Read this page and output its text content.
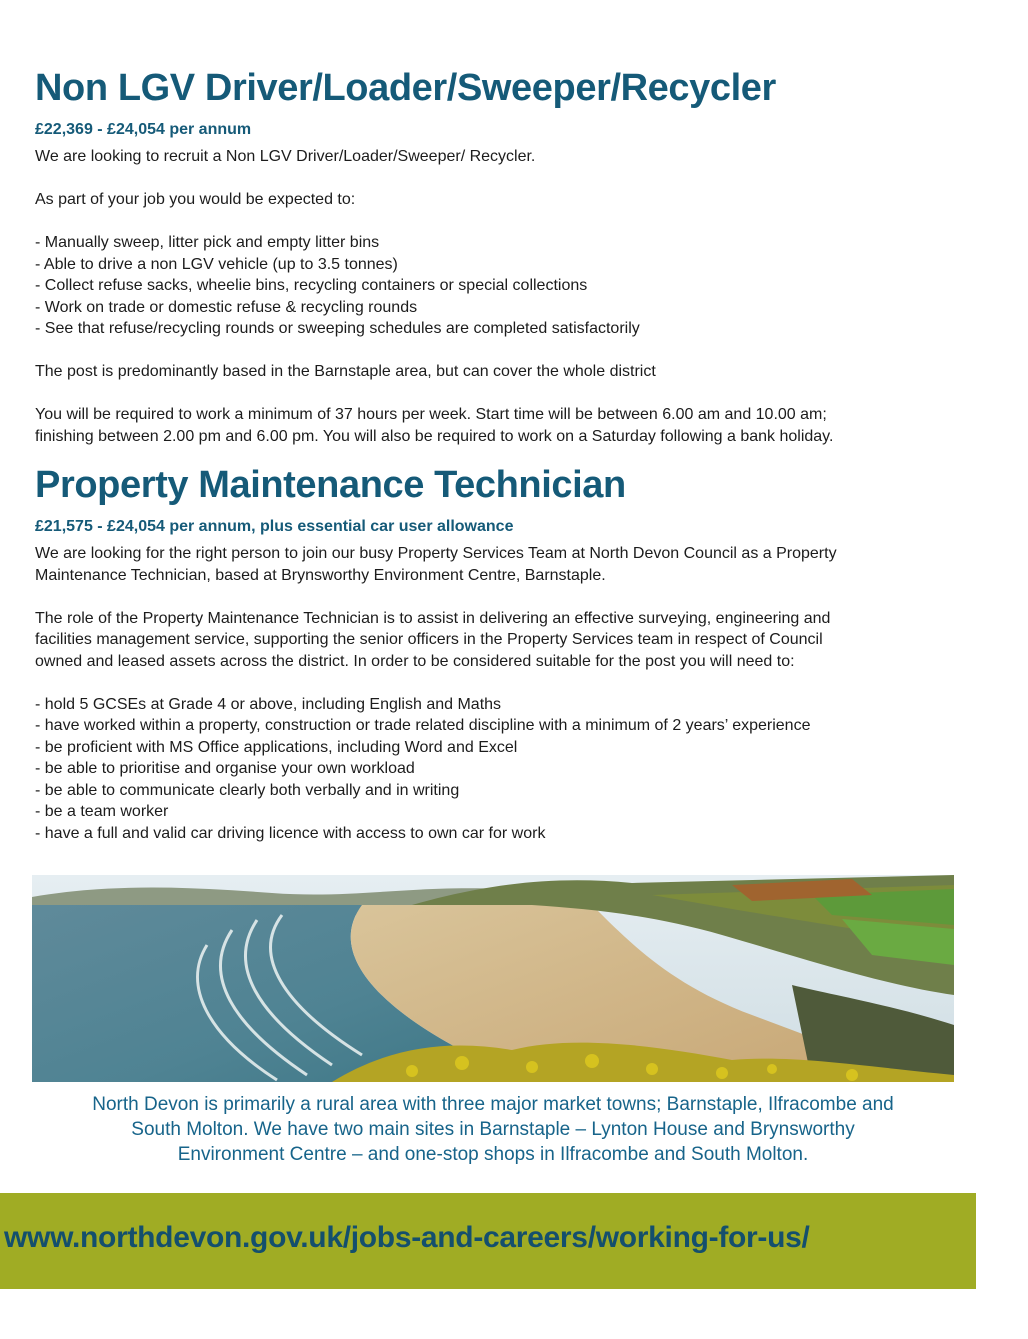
Non LGV Driver/Loader/Sweeper/Recycler
£22,369 - £24,054 per annum

We are looking to recruit a Non LGV Driver/Loader/Sweeper/ Recycler.

As part of your job you would be expected to:

- Manually sweep, litter pick and empty litter bins
- Able to drive a non LGV vehicle (up to 3.5 tonnes)
- Collect refuse sacks, wheelie bins, recycling containers or special collections
- Work on trade or domestic refuse & recycling rounds
- See that refuse/recycling rounds or sweeping schedules are completed satisfactorily

The post is predominantly based in the Barnstaple area, but can cover the whole district

You will be required to work a minimum of 37 hours per week. Start time will be between 6.00 am and 10.00 am;

finishing between 2.00 pm and 6.00 pm. You will also be required to work on a Saturday following a bank holiday.

Property Maintenance Technician
£21,575 - £24,054 per annum, plus essential car user allowance

We are looking for the right person to join our busy Property Services Team at North Devon Council as a Property

Maintenance Technician, based at Brynsworthy Environment Centre, Barnstaple.

The role of the Property Maintenance Technician is to assist in delivering an effective surveying, engineering and

facilities management service, supporting the senior officers in the Property Services team in respect of Council

owned and leased assets across the district. In order to be considered suitable for the post you will need to:

- hold 5 GCSEs at Grade 4 or above, including English and Maths
- have worked within a property, construction or trade related discipline with a minimum of 2 years’ experience
- be proficient with MS Office applications, including Word and Excel
- be able to prioritise and organise your own workload
- be able to communicate clearly both verbally and in writing
- be a team worker
- have a full and valid car driving licence with access to own car for work
North Devon is primarily a rural area with three major market towns; Barnstaple, Ilfracombe and
South Molton. We have two main sites in Barnstaple – Lynton House and Brynsworthy
Environment Centre – and one-stop shops in Ilfracombe and South Molton.
www.northdevon.gov.uk/jobs-and-careers/working-for-us/
